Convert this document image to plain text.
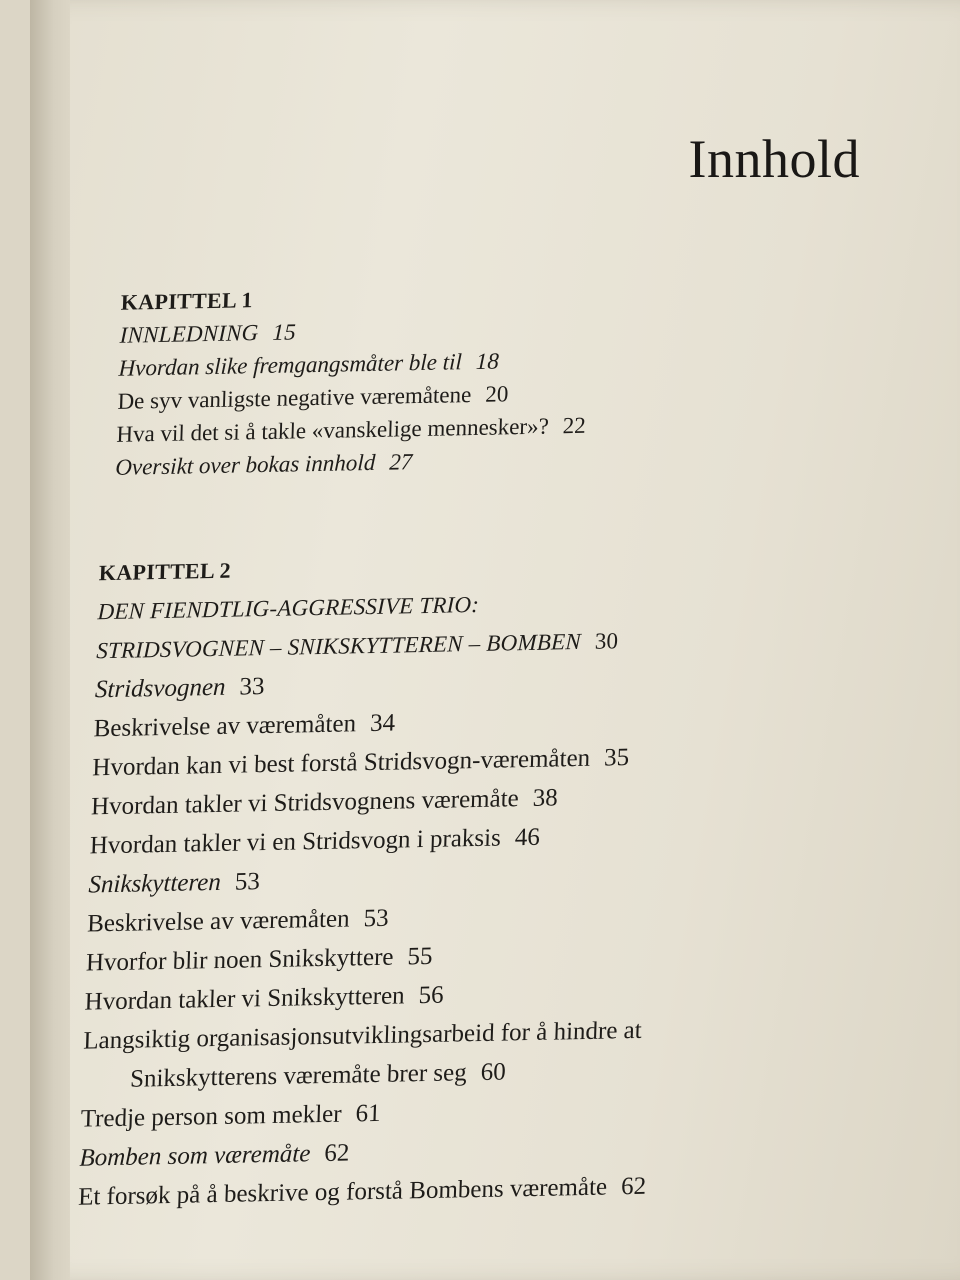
Innhold
KAPITTEL 1
INNLEDNING 15
Hvordan slike fremgangsmåter ble til 18
De syv vanligste negative væremåtene 20
Hva vil det si å takle «vanskelige mennesker»? 22
Oversikt over bokas innhold 27
KAPITTEL 2
DEN FIENDTLIG-AGGRESSIVE TRIO:
STRIDSVOGNEN – SNIKSKYTTEREN – BOMBEN 30
Stridsvognen 33
Beskrivelse av væremåten 34
Hvordan kan vi best forstå Stridsvogn-væremåten 35
Hvordan takler vi Stridsvognens væremåte 38
Hvordan takler vi en Stridsvogn i praksis 46
Snikskytteren 53
Beskrivelse av væremåten 53
Hvorfor blir noen Snikskyttere 55
Hvordan takler vi Snikskytteren 56
Langsiktig organisasjonsutviklingsarbeid for å hindre at
Snikskytterens væremåte brer seg 60
Tredje person som mekler 61
Bomben som væremåte 62
Et forsøk på å beskrive og forstå Bombens væremåte 62
